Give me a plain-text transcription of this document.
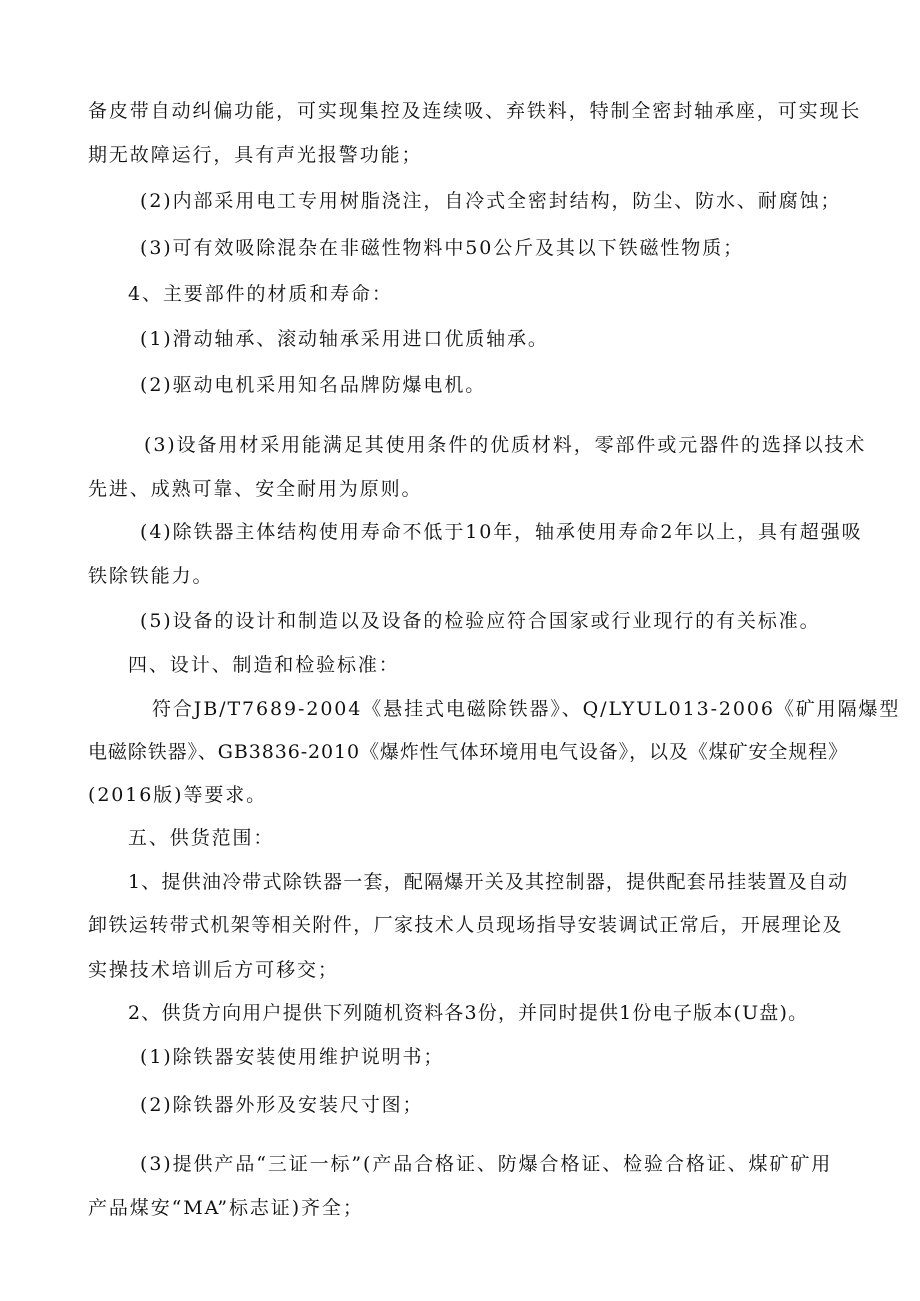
备皮带自动纠偏功能，可实现集控及连续吸、弃铁料，特制全密封轴承座，可实现长
期无故障运行，具有声光报警功能；
(2)内部采用电工专用树脂浇注，自冷式全密封结构，防尘、防水、耐腐蚀；
(3)可有效吸除混杂在非磁性物料中50公斤及其以下铁磁性物质；
4、主要部件的材质和寿命：
(1)滑动轴承、滚动轴承采用进口优质轴承。
(2)驱动电机采用知名品牌防爆电机。
(3)设备用材采用能满足其使用条件的优质材料，零部件或元器件的选择以技术
先进、成熟可靠、安全耐用为原则。
(4)除铁器主体结构使用寿命不低于10年，轴承使用寿命2年以上，具有超强吸
铁除铁能力。
(5)设备的设计和制造以及设备的检验应符合国家或行业现行的有关标准。
四、设计、制造和检验标准：
符合JB/T7689-2004《悬挂式电磁除铁器》、Q/LYUL013-2006《矿用隔爆型
电磁除铁器》、GB3836-2010《爆炸性气体环境用电气设备》，以及《煤矿安全规程》
(2016版)等要求。
五、供货范围：
1、提供油冷带式除铁器一套，配隔爆开关及其控制器，提供配套吊挂装置及自动
卸铁运转带式机架等相关附件，厂家技术人员现场指导安装调试正常后，开展理论及
实操技术培训后方可移交；
2、供货方向用户提供下列随机资料各3份，并同时提供1份电子版本(U盘)。
(1)除铁器安装使用维护说明书；
(2)除铁器外形及安装尺寸图；
(3)提供产品“三证一标”(产品合格证、防爆合格证、检验合格证、煤矿矿用
产品煤安“MA”标志证)齐全；
